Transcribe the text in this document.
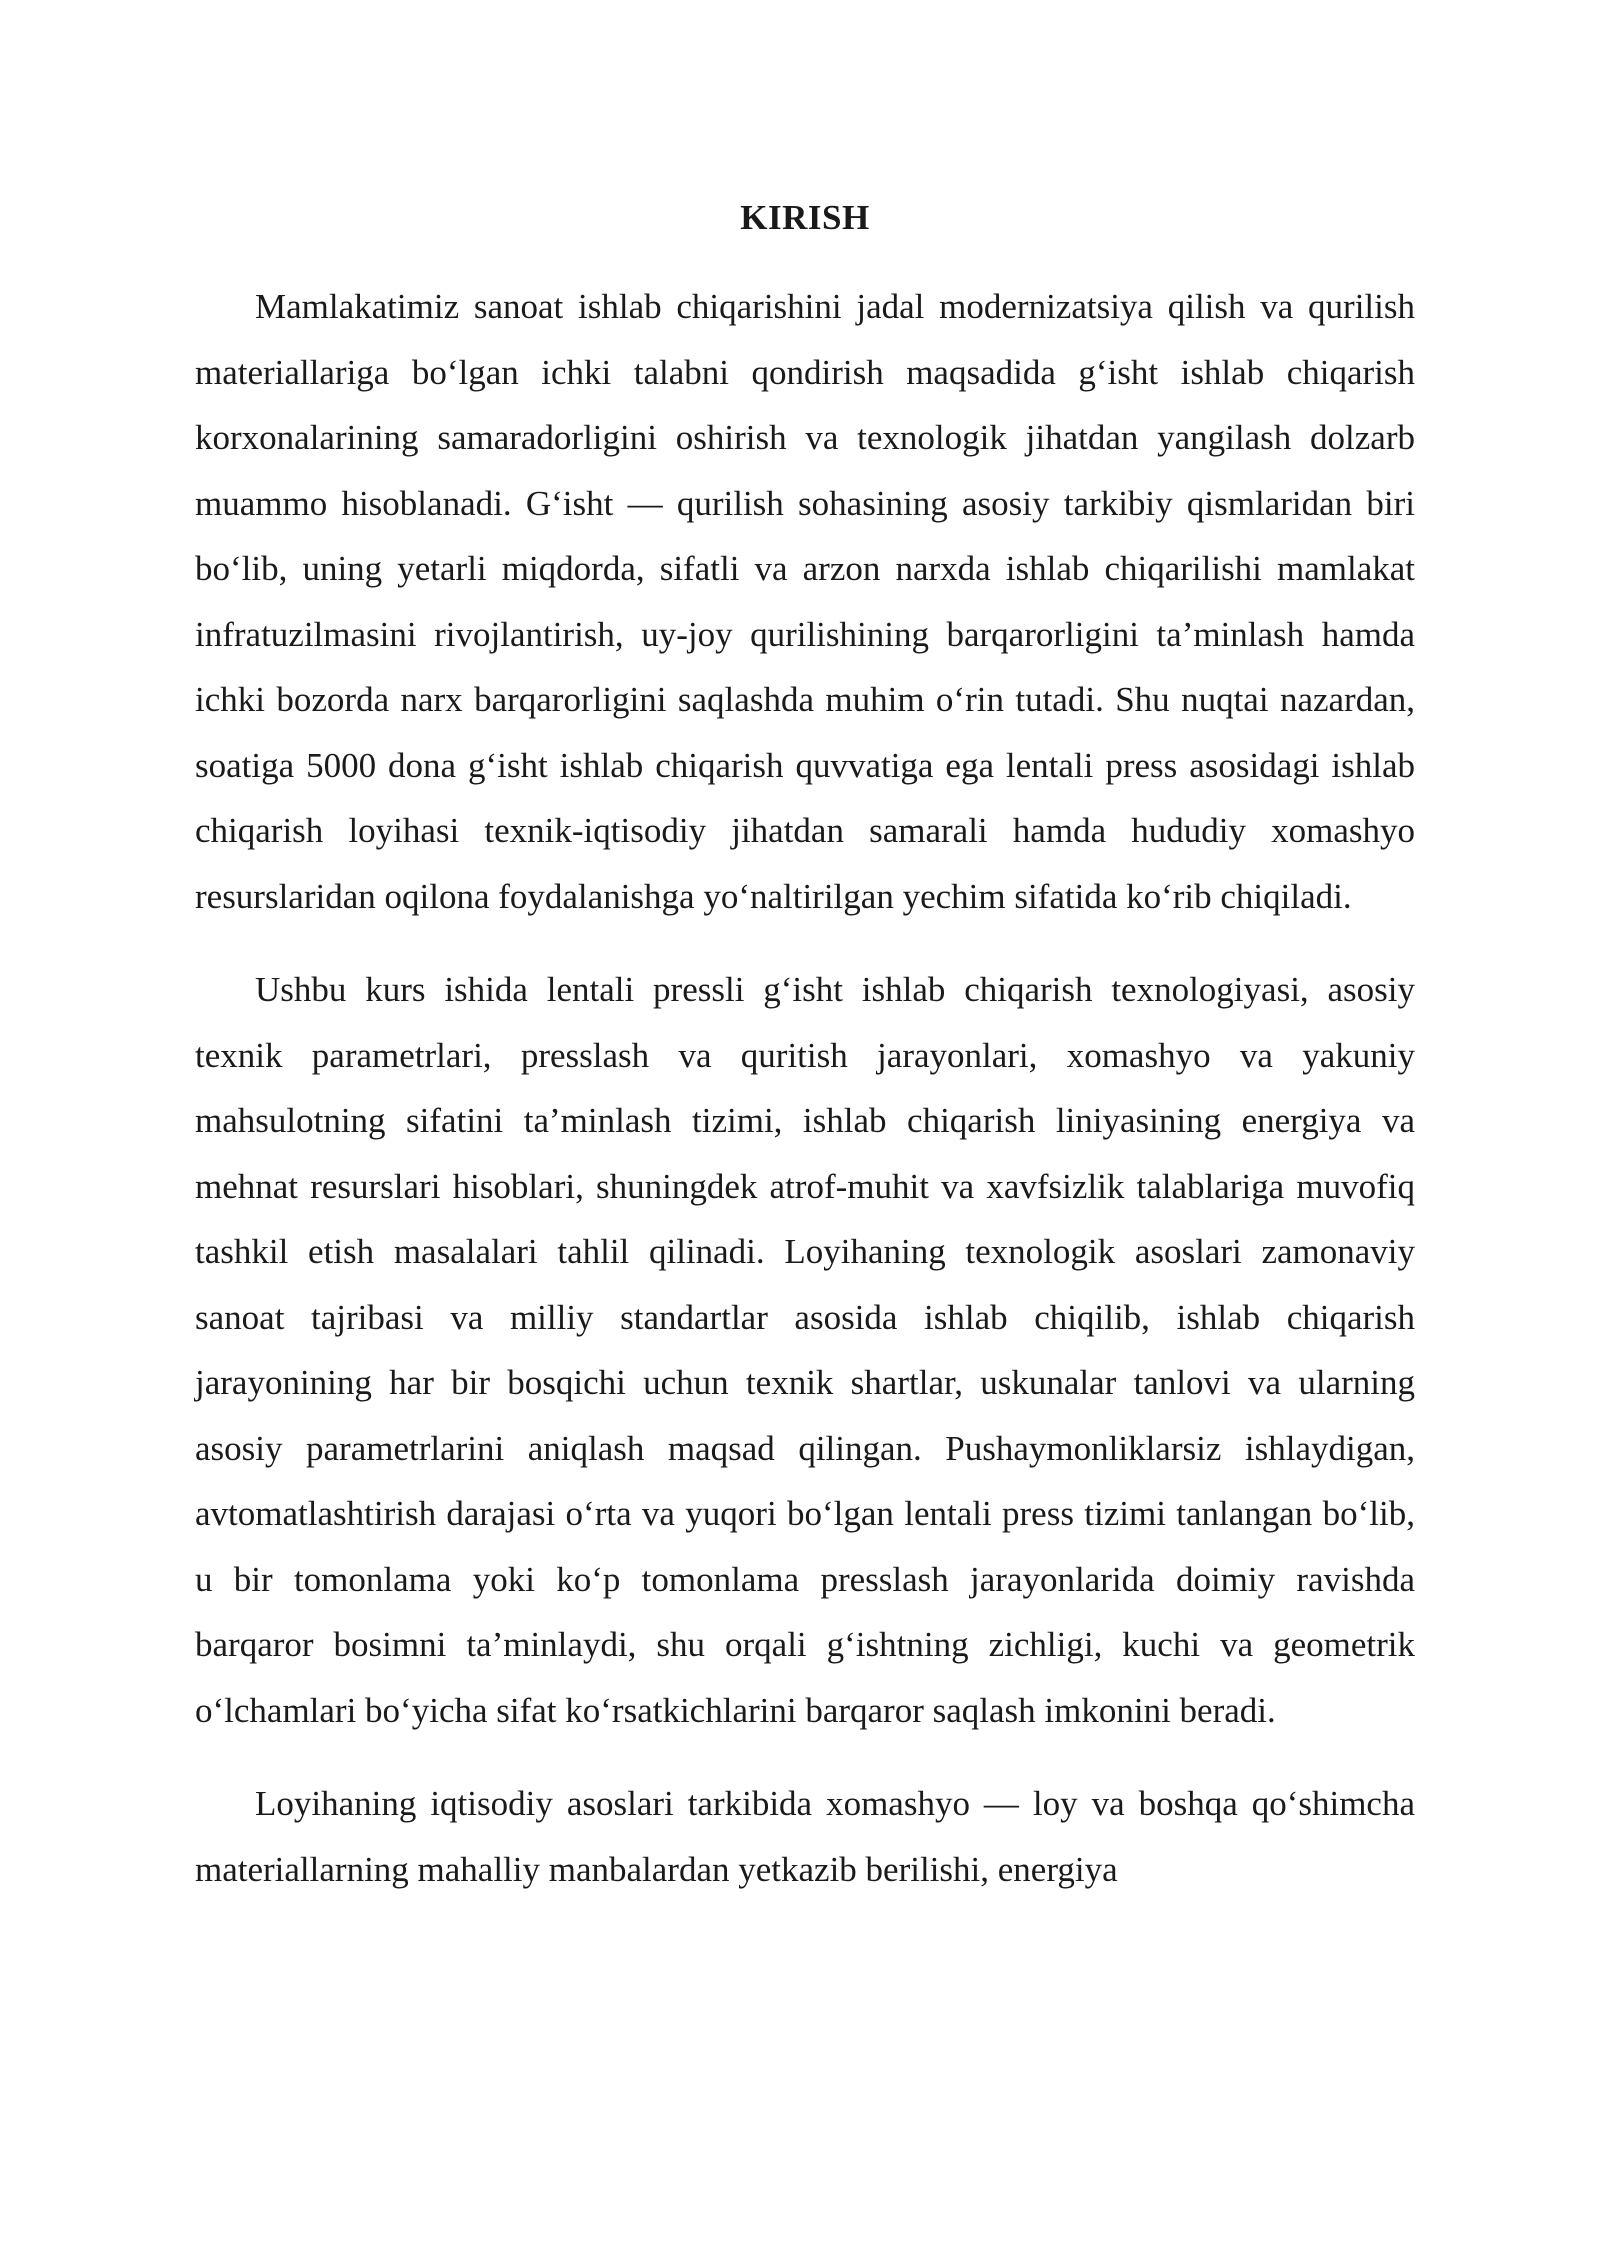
KIRISH

Mamlakatimiz sanoat ishlab chiqarishini jadal modernizatsiya qilish va qurilish materiallariga bo‘lgan ichki talabni qondirish maqsadida g‘isht ishlab chiqarish korxonalarining samaradorligini oshirish va texnologik jihatdan yangilash dolzarb muammo hisoblanadi. G‘isht — qurilish sohasining asosiy tarkibiy qismlaridan biri bo‘lib, uning yetarli miqdorda, sifatli va arzon narxda ishlab chiqarilishi mamlakat infratuzilmasini rivojlantirish, uy-joy qurilishining barqarorligini ta’minlash hamda ichki bozorda narx barqarorligini saqlashda muhim o‘rin tutadi. Shu nuqtai nazardan, soatiga 5000 dona g‘isht ishlab chiqarish quvvatiga ega lentali press asosidagi ishlab chiqarish loyihasi texnik-iqtisodiy jihatdan samarali hamda hududiy xomashyo resurslaridan oqilona foydalanishga yo‘naltirilgan yechim sifatida ko‘rib chiqiladi.

Ushbu kurs ishida lentali pressli g‘isht ishlab chiqarish texnologiyasi, asosiy texnik parametrlari, presslash va quritish jarayonlari, xomashyo va yakuniy mahsulotning sifatini ta’minlash tizimi, ishlab chiqarish liniyasining energiya va mehnat resurslari hisoblari, shuningdek atrof-muhit va xavfsizlik talablariga muvofiq tashkil etish masalalari tahlil qilinadi. Loyihaning texnologik asoslari zamonaviy sanoat tajribasi va milliy standartlar asosida ishlab chiqilib, ishlab chiqarish jarayonining har bir bosqichi uchun texnik shartlar, uskunalar tanlovi va ularning asosiy parametrlarini aniqlash maqsad qilingan. Pushaymonliklarsiz ishlaydigan, avtomatlashtirish darajasi o‘rta va yuqori bo‘lgan lentali press tizimi tanlangan bo‘lib, u bir tomonlama yoki ko‘p tomonlama presslash jarayonlarida doimiy ravishda barqaror bosimni ta’minlaydi, shu orqali g‘ishtning zichligi, kuchi va geometrik o‘lchamlari bo‘yicha sifat ko‘rsatkichlarini barqaror saqlash imkonini beradi.

Loyihaning iqtisodiy asoslari tarkibida xomashyo — loy va boshqa qo‘shimcha materiallarning mahalliy manbalardan yetkazib berilishi, energiya
